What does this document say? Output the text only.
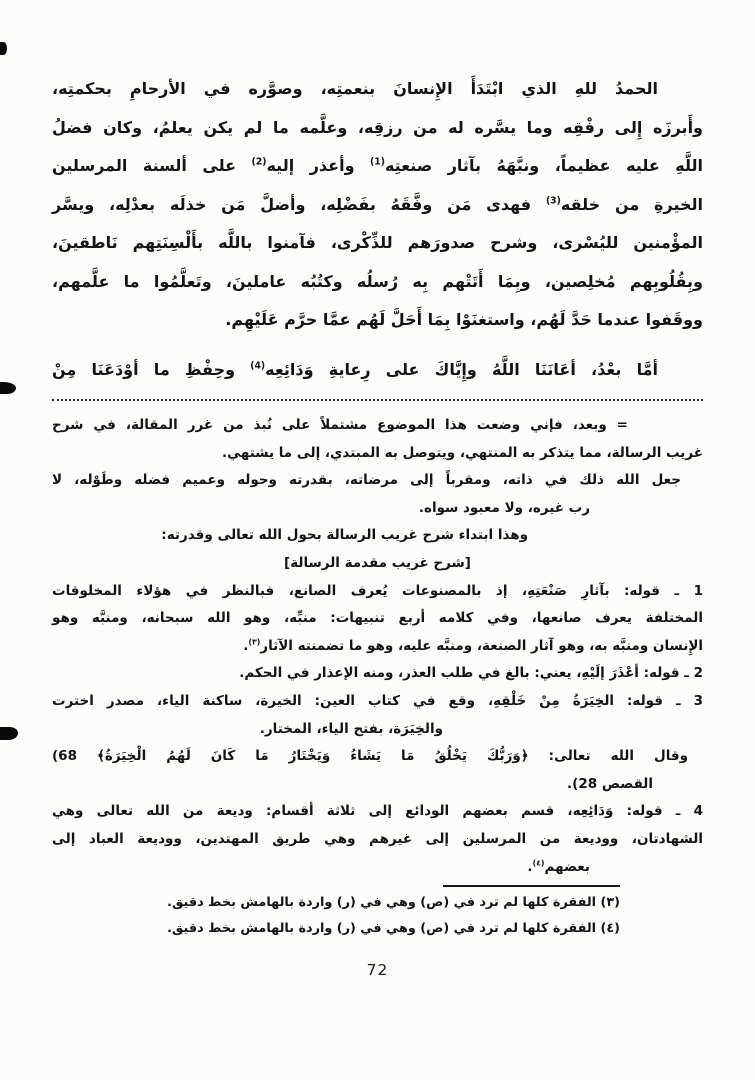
الحمدُ للهِ الذي ابْتَدَأَ الإِنسانَ بنعمتِه، وصوَّره في الأرحامِ بحكمتِه،
وأَبرزَه إِلى رفْقِه وما يسَّره له من رزقِه، وعلَّمه ما لم يكن يعلمُ، وكان فضلُ
اللَّهِ عليه عظيماً، ونبَّهَهُ بآثار صنعتِه$^{(1)}$ وأعذر إليه$^{(2)}$ على ألسنة المرسلين
الخيرةِ من خلقه$^{(3)}$ فهدى مَن وفَّقَهُ بفَضْلِه، وأضلَّ مَن خذلَه بعدْلِه، ويسَّر
المؤْمنين لليُسْرى، وشرح صدورَهم للذِّكْرى، فآمنوا باللَّه بأَلْسِنَتِهم نَاطقينَ،
وبِقُلُوبِهم مُخلِصين، وبِمَا أَتَتْهم بِه رُسلُه وكتُبُه عاملينَ، وتَعلَّمُوا ما علَّمهم،
ووقَفوا عندما حَدَّ لَهُم، واستغنَوْا بِمَا أَحَلَّ لَهُم عمَّا حرَّم عَلَيْهِم.
أمَّا بعْدُ، أعَانَنَا اللَّهُ وإِيَّاكَ على رِعايةِ وَدَائِعِه$^{(4)}$ وحِفْظِ ما أوْدَعَنَا مِنْ
= وبعد، فإني وضعت هذا الموضوع مشتملاً على نُبذ من غرر المقالة، في شرح
غريب الرسالة، مما يتذكر به المنتهي، ويتوصل به المبتدي، إلى ما يشتهي.
جعل الله ذلك في ذاته، ومقرباً إلى مرضاته، بقدرته وحوله وعميم فضله وطَوْله، لا
رب غيره، ولا معبود سواه.
وهذا ابتداء شرح غريب الرسالة بحول الله تعالى وقدرته:
[شرح غريب مقدمة الرسالة]
1 ـ قوله: بآثارِ صَنْعَتِهِ، إذ بالمصنوعات يُعرف الصانع، فبالنظر في هؤلاء المخلوقات
المختلفة يعرف صانعها، وفي كلامه أربع تنبيهات: منبِّه، وهو الله سبحانه، ومنبَّه وهو
الإِنسان ومنبَّه به، وهو آثار الصنعة، ومنبَّه عليه، وهو ما تضمنته الآثار$^{(٣)}$.
2 ـ قوله: أعْذَرَ إلَيْهِ، يعني: بالغ في طلب العذر، ومنه الإعذار في الحكم.
3 ـ قوله: الخِيَرَةُ مِنْ خَلْقِهِ، وقع في كتاب العين: الخيرة، ساكنة الياء، مصدر اخترت
والخِيَرَة، بفتح الياء، المختار.
وقال الله تعالى: ﴿وَرَبُّكَ يَخْلُقُ مَا يَشَاءُ وَيَخْتَارُ مَا كَانَ لَهُمُ الْخِيَرَةُ﴾ (68
القصص 28).
4 ـ قوله: وَدَائِعِه، قسم بعضهم الودائع إلى ثلاثة أقسام: وديعة من الله تعالى وهي
الشهادتان، ووديعة من المرسلين إلى غيرهم وهي طريق المهتدين، ووديعة العباد إلى
بعضهم$^{(٤)}$.
(٣) الفقرة كلها لم ترد في (ص) وهي في (ر) واردة بالهامش بخط دقيق.
(٤) الفقرة كلها لم ترد في (ص) وهي في (ر) واردة بالهامش بخط دقيق.
72
